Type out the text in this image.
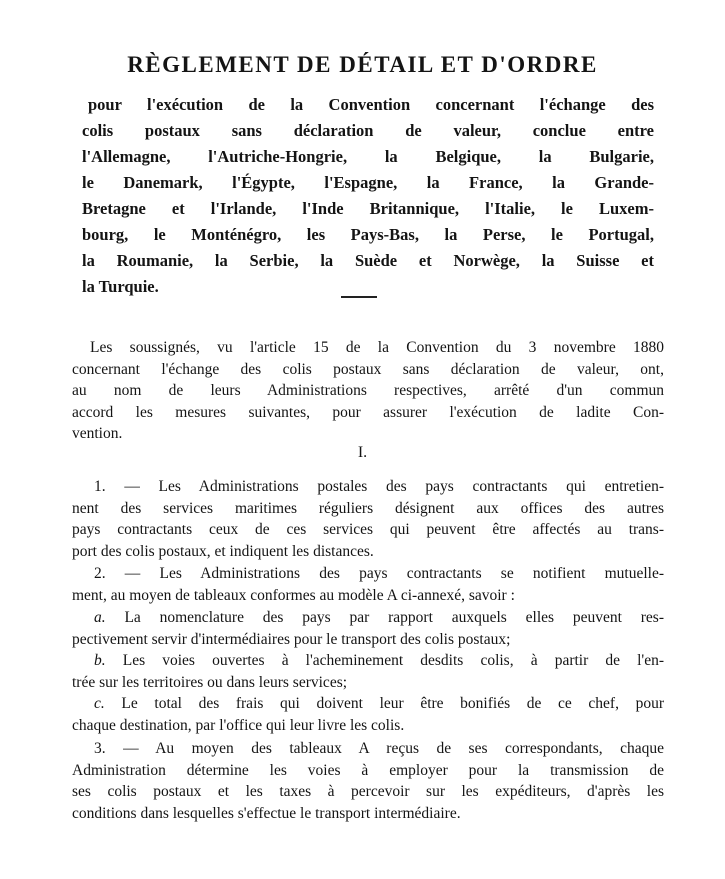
RÈGLEMENT DE DÉTAIL ET D'ORDRE
pour l'exécution de la Convention concernant l'échange des
colis postaux sans déclaration de valeur, conclue entre
l'Allemagne, l'Autriche-Hongrie, la Belgique, la Bulgarie,
le Danemark, l'Égypte, l'Espagne, la France, la Grande-
Bretagne et l'Irlande, l'Inde Britannique, l'Italie, le Luxem-
bourg, le Monténégro, les Pays-Bas, la Perse, le Portugal,
la Roumanie, la Serbie, la Suède et Norwège, la Suisse et
la Turquie.
Les soussignés, vu l'article 15 de la Convention du 3 novembre 1880
concernant l'échange des colis postaux sans déclaration de valeur, ont,
au nom de leurs Administrations respectives, arrêté d'un commun
accord les mesures suivantes, pour assurer l'exécution de ladite Con-
vention.
I.
1. — Les Administrations postales des pays contractants qui entretien-
nent des services maritimes réguliers désignent aux offices des autres
pays contractants ceux de ces services qui peuvent être affectés au trans-
port des colis postaux, et indiquent les distances.
2. — Les Administrations des pays contractants se notifient mutuelle-
ment, au moyen de tableaux conformes au modèle A ci-annexé, savoir :
a. La nomenclature des pays par rapport auxquels elles peuvent res-
pectivement servir d'intermédiaires pour le transport des colis postaux;
b. Les voies ouvertes à l'acheminement desdits colis, à partir de l'en-
trée sur les territoires ou dans leurs services;
c. Le total des frais qui doivent leur être bonifiés de ce chef, pour
chaque destination, par l'office qui leur livre les colis.
3. — Au moyen des tableaux A reçus de ses correspondants, chaque
Administration détermine les voies à employer pour la transmission de
ses colis postaux et les taxes à percevoir sur les expéditeurs, d'après les
conditions dans lesquelles s'effectue le transport intermédiaire.
